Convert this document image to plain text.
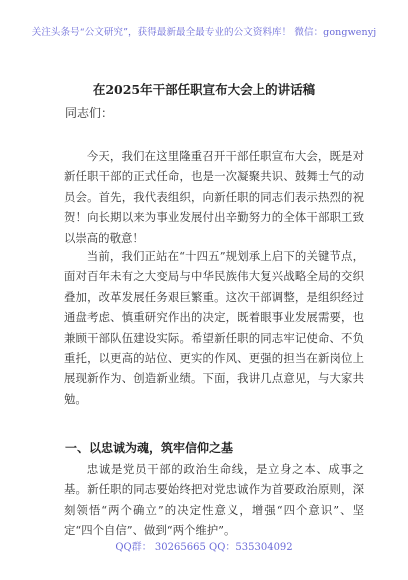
关注头条号“公文研究”，获得最新最全最专业的公文资料库！ 微信：gongwenyj
在2025年干部任职宣布大会上的讲话稿
同志们：

今天，我们在这里隆重召开干部任职宣布大会，既是对新任职干部的正式任命，也是一次凝聚共识、鼓舞士气的动员会。首先，我代表组织，向新任职的同志们表示热烈的祝贺！向长期以来为事业发展付出辛勤努力的全体干部职工致以崇高的敬意！

当前，我们正站在“十四五”规划承上启下的关键节点，面对百年未有之大变局与中华民族伟大复兴战略全局的交织叠加，改革发展任务艰巨繁重。这次干部调整，是组织经过通盘考虑、慎重研究作出的决定，既着眼事业发展需要，也兼顾干部队伍建设实际。希望新任职的同志牢记使命、不负重托，以更高的站位、更实的作风、更强的担当在新岗位上展现新作为、创造新业绩。下面，我讲几点意见，与大家共勉。

一、以忠诚为魂，筑牢信仰之基

忠诚是党员干部的政治生命线，是立身之本、成事之基。新任职的同志要始终把对党忠诚作为首要政治原则，深刻领悟“两个确立”的决定性意义，增强“四个意识”、坚定“四个自信”、做到“两个维护”。

QQ群： 30265665 QQ：535304092
